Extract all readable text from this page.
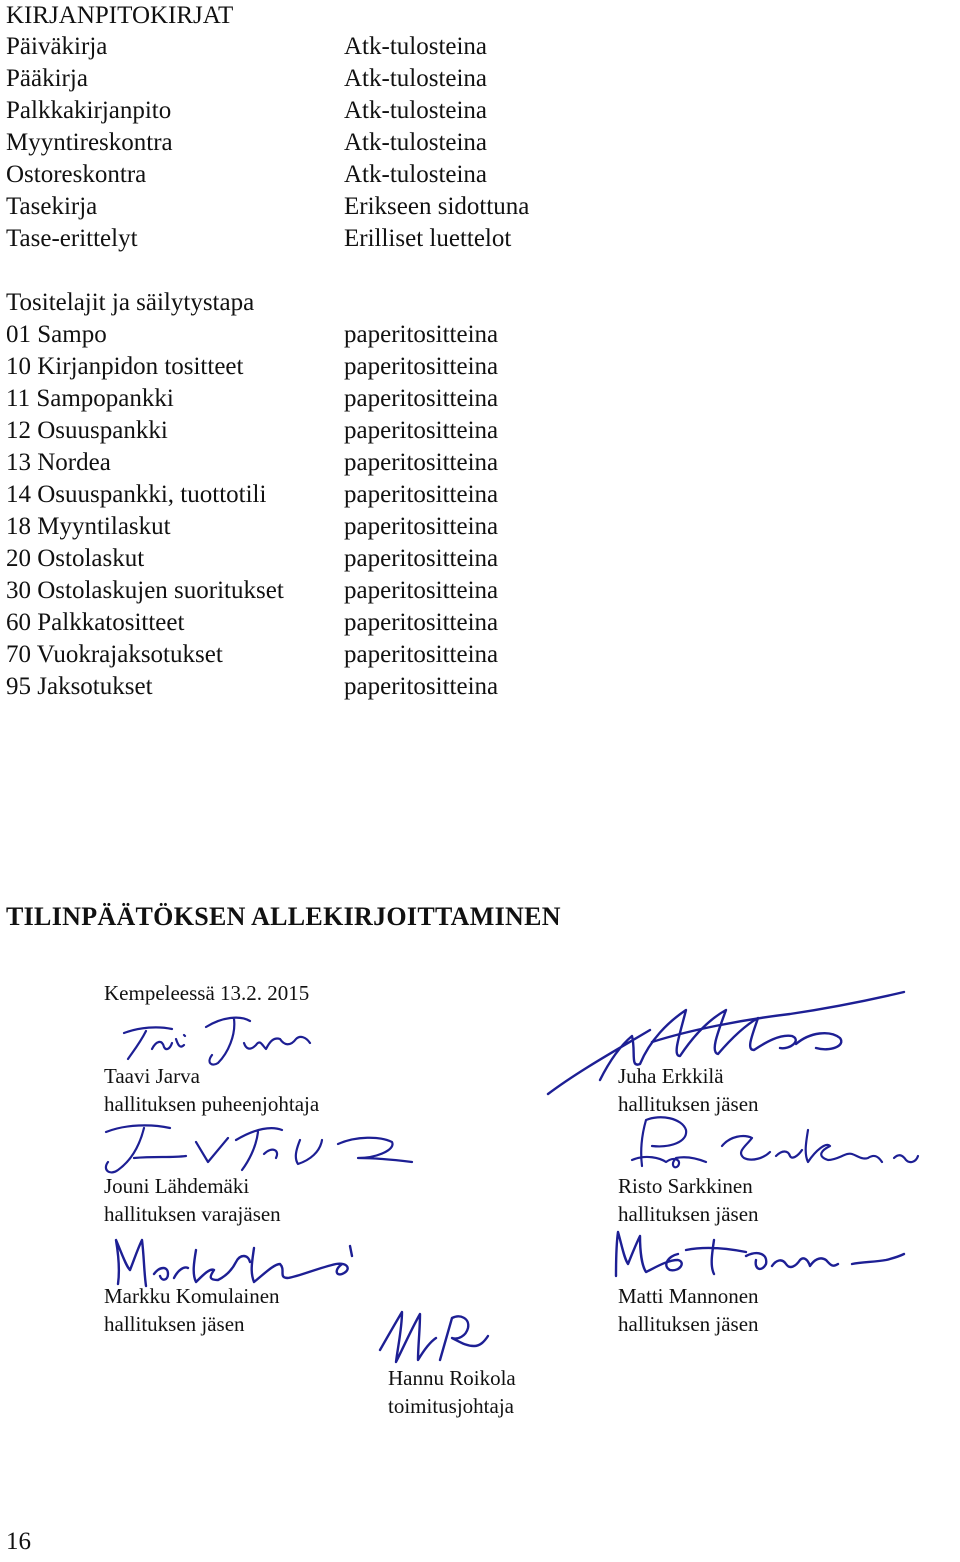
KIRJANPITOKIRJAT
Päiväkirja	Atk-tulosteina
Pääkirja	Atk-tulosteina
Palkkakirjanpito	Atk-tulosteina
Myyntireskontra	Atk-tulosteina
Ostoreskontra	Atk-tulosteina
Tasekirja	Erikseen sidottuna
Tase-erittelyt	Erilliset luettelot
Tositelajit ja säilytystapa
01 Sampo	paperitositteina
10 Kirjanpidon tositteet	paperitositteina
11 Sampopankki	paperitositteina
12 Osuuspankki	paperitositteina
13 Nordea	paperitositteina
14 Osuuspankki, tuottotili	paperitositteina
18 Myyntilaskut	paperitositteina
20 Ostolaskut	paperitositteina
30 Ostolaskujen suoritukset paperitositteina
60 Palkkatositteet	paperitositteina
70 Vuokrajaksotukset	paperitositteina
95 Jaksotukset	paperitositteina
TILINPÄÄTÖKSEN ALLEKIRJOITTAMINEN
Kempeleessä 13.2. 2015
Taavi Jarva
hallituksen puheenjohtaja
Juha Erkkilä
hallituksen jäsen
Jouni Lähdemäki
hallituksen varajäsen
Risto Sarkkinen
hallituksen jäsen
Markku Komulainen
hallituksen jäsen
Matti Mannonen
hallituksen jäsen
Hannu Roikola
toimitusjohtaja
16
